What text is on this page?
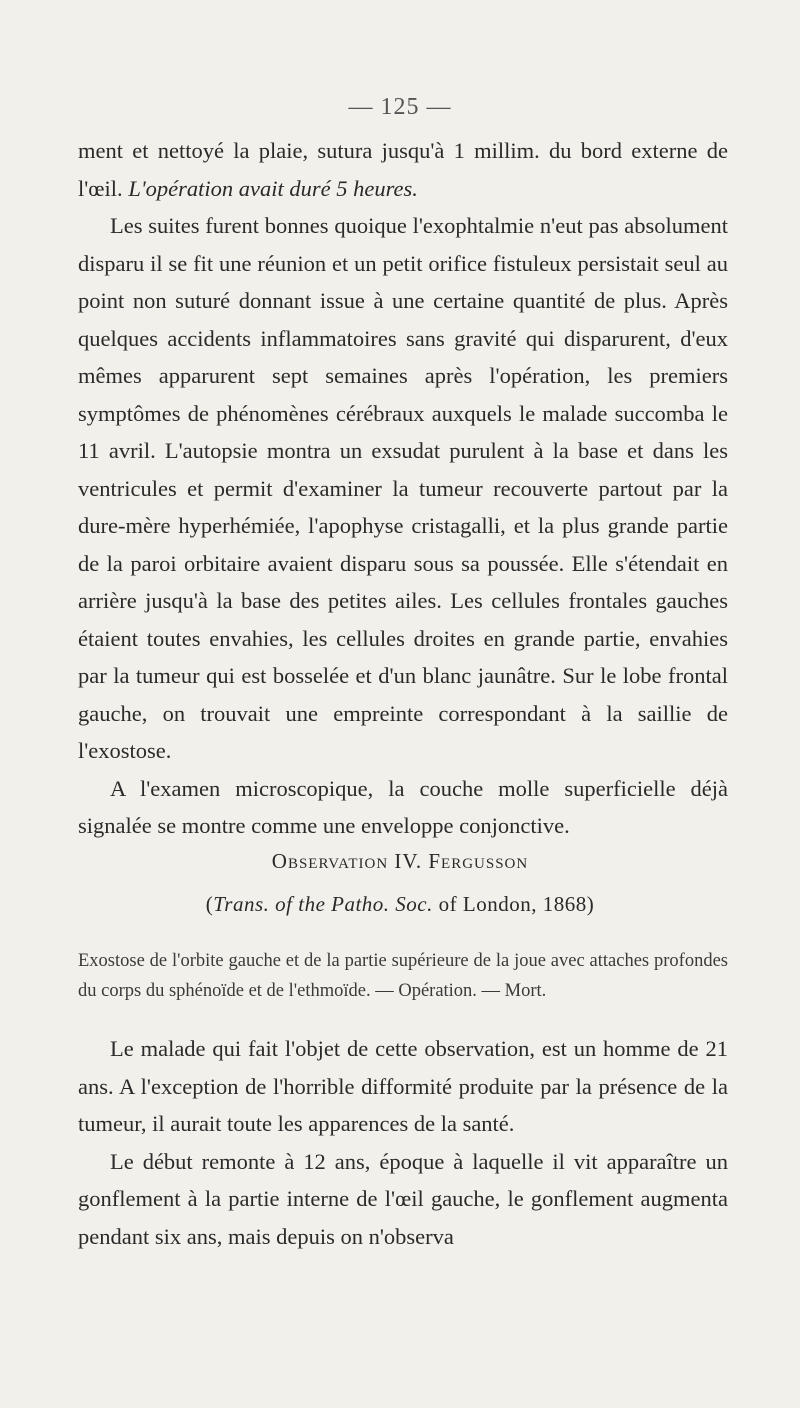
— 125 —

ment et nettoyé la plaie, sutura jusqu'à 1 millim. du bord externe de l'œil. L'opération avait duré 5 heures.

Les suites furent bonnes quoique l'exophtalmie n'eut pas absolument disparu il se fit une réunion et un petit orifice fistuleux persistait seul au point non suturé donnant issue à une certaine quantité de plus. Après quelques accidents inflammatoires sans gravité qui disparurent, d'eux mêmes apparurent sept semaines après l'opération, les premiers symptômes de phénomènes cérébraux auxquels le malade succomba le 11 avril. L'autopsie montra un exsudat purulent à la base et dans les ventricules et permit d'examiner la tumeur recouverte partout par la dure-mère hyperhémiée, l'apophyse cristagalli, et la plus grande partie de la paroi orbitaire avaient disparu sous sa poussée. Elle s'étendait en arrière jusqu'à la base des petites ailes. Les cellules frontales gauches étaient toutes envahies, les cellules droites en grande partie, envahies par la tumeur qui est bosselée et d'un blanc jaunâtre. Sur le lobe frontal gauche, on trouvait une empreinte correspondant à la saillie de l'exostose.

A l'examen microscopique, la couche molle superficielle déjà signalée se montre comme une enveloppe conjonctive.

Observation IV. Fergusson
(Trans. of the Patho. Soc. of London, 1868)

Exostose de l'orbite gauche et de la partie supérieure de la joue avec attaches profondes du corps du sphénoïde et de l'ethmoïde. — Opération. — Mort.

Le malade qui fait l'objet de cette observation, est un homme de 21 ans. A l'exception de l'horrible difformité produite par la présence de la tumeur, il aurait toute les apparences de la santé.

Le début remonte à 12 ans, époque à laquelle il vit apparaître un gonflement à la partie interne de l'œil gauche, le gonflement augmenta pendant six ans, mais depuis on n'observa
